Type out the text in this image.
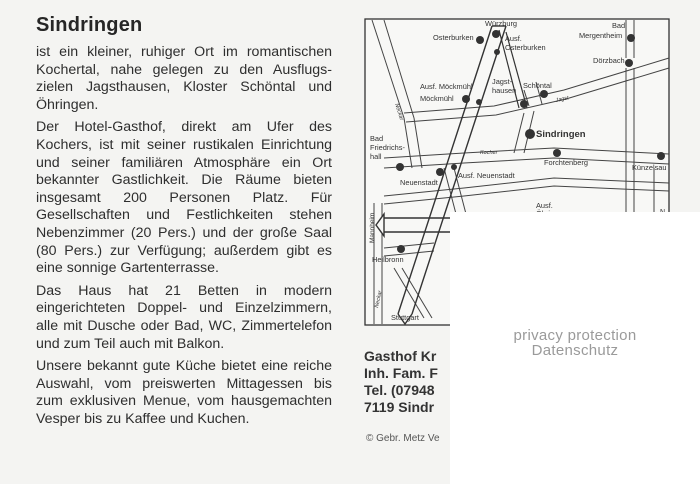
Sindringen

ist ein kleiner, ruhiger Ort im romantischen Kochertal, nahe gelegen zu den Ausflugs-zielen Jagsthausen, Kloster Schöntal und Öhringen.

Der Hotel-Gasthof, direkt am Ufer des Kochers, ist mit seiner rustikalen Einrichtung und seiner familiären Atmosphäre ein Ort bekannter Gastlichkeit. Die Räume bieten insgesamt 200 Personen Platz. Für Gesellschaften und Festlichkeiten stehen Nebenzimmer (20 Pers.) und der große Saal (80 Pers.) zur Verfügung; außerdem gibt es eine sonnige Gartenterrasse.

Das Haus hat 21 Betten in modern eingerichteten Doppel- und Einzelzimmern, alle mit Dusche oder Bad, WC, Zimmertelefon und zum Teil auch mit Balkon.

Unsere bekannt gute Küche bietet eine reiche Auswahl, vom preiswerten Mittagessen bis zum exklusiven Menue, vom hausgemachten Vesper bis zu Kaffee und Kuchen.

Würzburg
Osterburken	Ausf.
Osterburken
Bad
Mergentheim
Dörzbach
Ausf. Möckmühl
Möckmühl
Jagst-
hausen
Schöntal
Sindringen
Bad
Friedrichs-
hall
Neuenstadt
Ausf. Neuenstadt
Forchtenberg
Künzelsau
Ausf.
Heilbronn
Stuttgart
Mannheim
Neckar
Kocher
Jagst
Neckar
Gasthof Kr
Inh. Fam. F
Tel. (07948
7119 Sindr
© Gebr. Metz Ve
privacy protection
Datenschutz
